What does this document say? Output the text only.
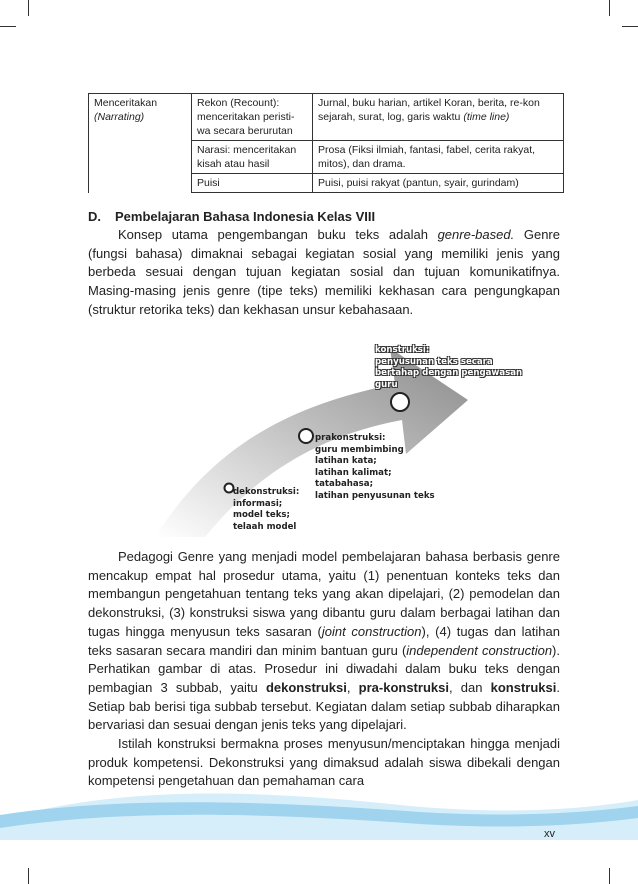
Menceritakan
(Narrating)	Rekon (Recount): menceritakan peristi-wa secara berurutan	Jurnal, buku harian, artikel Koran, berita, re-kon sejarah, surat, log, garis waktu (time line)
	Narasi: menceritakan kisah atau hasil	Prosa (Fiksi ilmiah, fantasi, fabel, cerita rakyat, mitos), dan drama.
	Puisi	Puisi, puisi rakyat (pantun, syair, gurindam)
D. Pembelajaran Bahasa Indonesia Kelas VIII

Konsep utama pengembangan buku teks adalah genre-based. Genre (fungsi bahasa) dimaknai sebagai kegiatan sosial yang memiliki jenis yang berbeda sesuai dengan tujuan kegiatan sosial dan tujuan komunikatifnya. Masing-masing jenis genre (tipe teks) memiliki kekhasan cara pengungkapan (struktur retorika teks) dan kekhasan unsur kebahasaan.

dekonstruksi:
informasi;
model teks;
telaah model
prakonstruksi:
guru membimbing
latihan kata;
latihan kalimat;
tatabahasa;
latihan penyusunan teks
konstruksi:
penyusunan teks secara
bertahap dengan pengawasan
guru

Pedagogi Genre yang menjadi model pembelajaran bahasa berbasis genre mencakup empat hal prosedur utama, yaitu (1) penentuan konteks teks dan membangun pengetahuan tentang teks yang akan dipelajari, (2) pemodelan dan dekonstruksi, (3) konstruksi siswa yang dibantu guru dalam berbagai latihan dan tugas hingga menyusun teks sasaran (joint construction), (4) tugas dan latihan teks sasaran secara mandiri dan minim bantuan guru (independent construction). Perhatikan gambar di atas. Prosedur ini diwadahi dalam buku teks dengan pembagian 3 subbab, yaitu dekonstruksi, pra-konstruksi, dan konstruksi. Setiap bab berisi tiga subbab tersebut. Kegiatan dalam setiap subbab diharapkan bervariasi dan sesuai dengan jenis teks yang dipelajari.

Istilah konstruksi bermakna proses menyusun/menciptakan hingga menjadi produk kompetensi. Dekonstruksi yang dimaksud adalah siswa dibekali dengan kompetensi pengetahuan dan pemahaman cara

xv
